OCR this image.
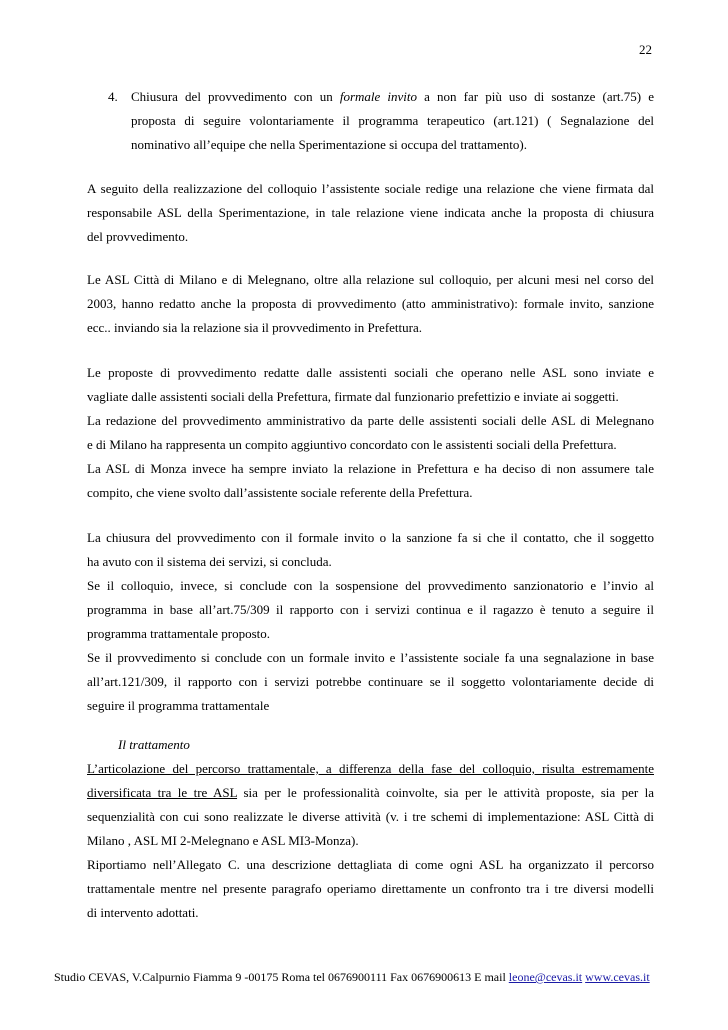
22
4. Chiusura del provvedimento con un formale invito a non far più uso di sostanze (art.75) e
proposta di seguire volontariamente il programma terapeutico (art.121) ( Segnalazione del
nominativo all’equipe che nella Sperimentazione si occupa del trattamento).
A seguito della realizzazione del colloquio l’assistente sociale redige una relazione che viene firmata dal
responsabile ASL della Sperimentazione, in tale relazione viene indicata anche la proposta di chiusura
del provvedimento.
Le ASL Città di Milano e di Melegnano, oltre alla relazione sul colloquio, per alcuni mesi nel corso del
2003, hanno redatto anche la proposta di provvedimento (atto amministrativo): formale invito, sanzione
ecc.. inviando sia la relazione sia il provvedimento in Prefettura.
Le proposte di provvedimento redatte dalle assistenti sociali che operano nelle ASL sono inviate e
vagliate dalle assistenti sociali della Prefettura, firmate dal funzionario prefettizio e inviate ai soggetti.
La redazione del provvedimento amministrativo da parte delle assistenti sociali delle ASL di Melegnano
e di Milano ha rappresenta un compito aggiuntivo concordato con le assistenti sociali della Prefettura.
La ASL di Monza invece ha sempre inviato la relazione in Prefettura e ha deciso di non assumere tale
compito, che viene svolto dall’assistente sociale referente della Prefettura.
La chiusura del provvedimento con il formale invito o la sanzione fa si che il contatto, che il soggetto
ha avuto con il sistema dei servizi, si concluda.
Se il colloquio, invece, si conclude con la sospensione del provvedimento sanzionatorio e l’invio al
programma in base all’art.75/309 il rapporto con i servizi continua e il ragazzo è tenuto a seguire il
programma trattamentale proposto.
Se il provvedimento si conclude con un formale invito e l’assistente sociale fa una segnalazione in base
all’art.121/309, il rapporto con i servizi potrebbe continuare se il soggetto volontariamente decide di
seguire il programma trattamentale
Il trattamento
L’articolazione del percorso trattamentale, a differenza della fase del colloquio, risulta estremamente
diversificata tra le tre ASL sia per le professionalità coinvolte, sia per le attività proposte, sia per la
sequenzialità con cui sono realizzate le diverse attività (v. i tre schemi di implementazione: ASL Città di
Milano , ASL MI 2-Melegnano e ASL MI3-Monza).
Riportiamo nell’Allegato C. una descrizione dettagliata di come ogni ASL ha organizzato il percorso
trattamentale mentre nel presente paragrafo operiamo direttamente un confronto tra i tre diversi modelli
di intervento adottati.
Studio CEVAS, V.Calpurnio Fiamma 9 -00175 Roma tel 0676900111 Fax 0676900613 E mail leone@cevas.it www.cevas.it
